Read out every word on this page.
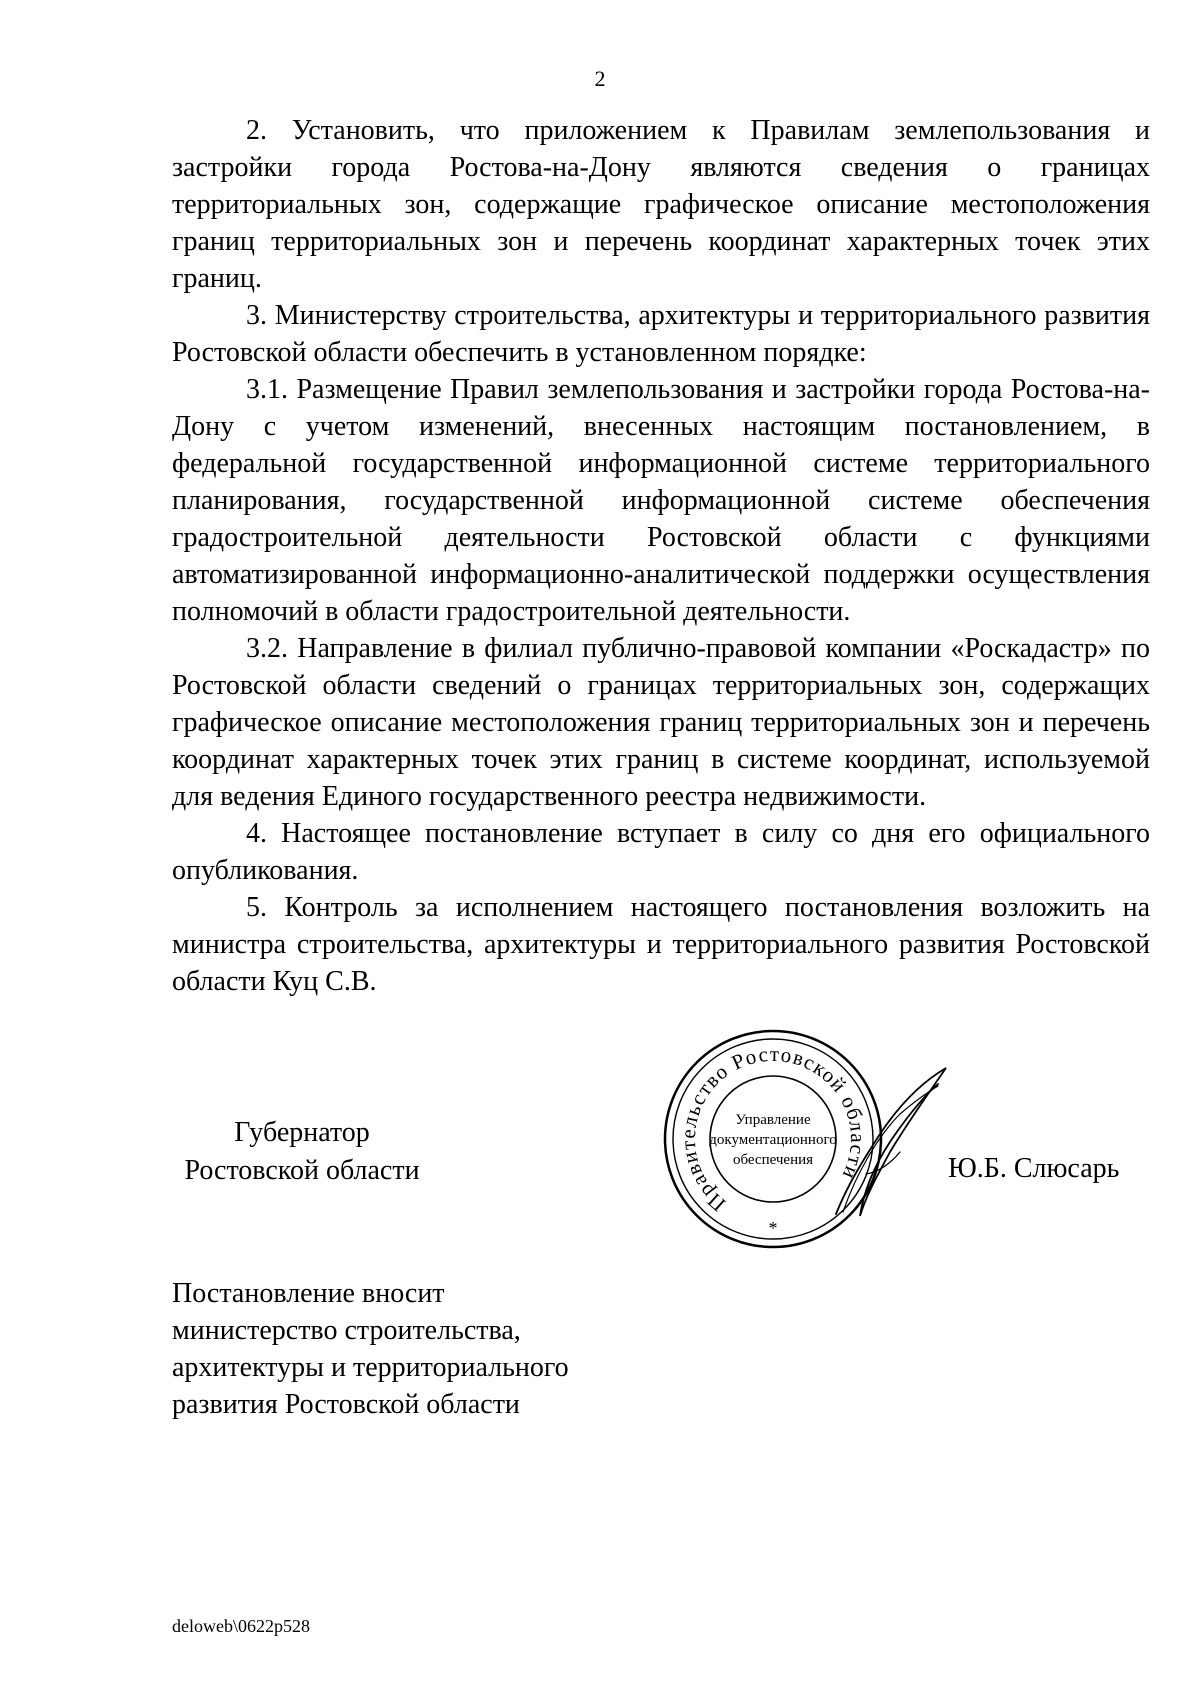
2

2. Установить, что приложением к Правилам землепользования и застройки города Ростова-на-Дону являются сведения о границах территориальных зон, содержащие графическое описание местоположения границ территориальных зон и перечень координат характерных точек этих границ.

3. Министерству строительства, архитектуры и территориального развития Ростовской области обеспечить в установленном порядке:

3.1. Размещение Правил землепользования и застройки города Ростова-на-Дону с учетом изменений, внесенных настоящим постановлением, в федеральной государственной информационной системе территориального планирования, государственной информационной системе обеспечения градостроительной деятельности Ростовской области с функциями автоматизированной информационно-аналитической поддержки осуществления полномочий в области градостроительной деятельности.

3.2. Направление в филиал публично-правовой компании «Роскадастр» по Ростовской области сведений о границах территориальных зон, содержащих графическое описание местоположения границ территориальных зон и перечень координат характерных точек этих границ в системе координат, используемой для ведения Единого государственного реестра недвижимости.

4. Настоящее постановление вступает в силу со дня его официального опубликования.

5. Контроль за исполнением настоящего постановления возложить на министра строительства, архитектуры и территориального развития Ростовской области Куц С.В.

Губернатор
Ростовской области
Правительство Ростовской области
Управление
документационного
обеспечения
*
Ю.Б. Слюсарь
Постановление вносит
министерство строительства,
архитектуры и территориального
развития Ростовской области
deloweb\0622p528
